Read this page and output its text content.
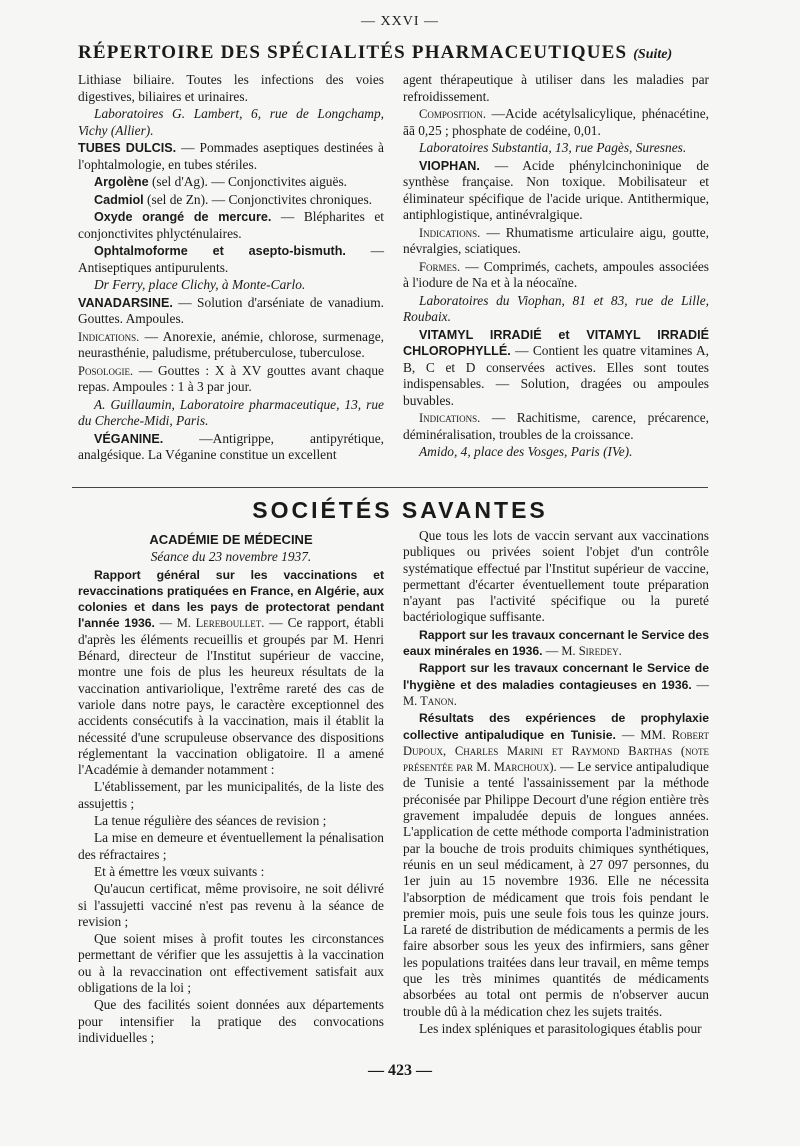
— XXVI —
RÉPERTOIRE DES SPÉCIALITÉS PHARMACEUTIQUES (Suite)

Lithiase biliaire. Toutes les infections des voies digestives, biliaires et urinaires.

Laboratoires G. Lambert, 6, rue de Longchamp, Vichy (Allier).

TUBES DULCIS. — Pommades aseptiques destinées à l'ophtalmologie, en tubes stériles.

Argolène (sel d'Ag). — Conjonctivites aiguës.

Cadmiol (sel de Zn). — Conjonctivites chroniques.

Oxyde orangé de mercure. — Blépharites et conjonctivites phlycténulaires.

Ophtalmoforme et asepto-bismuth. — Antiseptiques antipurulents.

Dr Ferry, place Clichy, à Monte-Carlo.

VANADARSINE. — Solution d'arséniate de vanadium. Gouttes. Ampoules.

Indications. — Anorexie, anémie, chlorose, surmenage, neurasthénie, paludisme, prétuberculose, tuberculose.

Posologie. — Gouttes : X à XV gouttes avant chaque repas. Ampoules : 1 à 3 par jour.

A. Guillaumin, Laboratoire pharmaceutique, 13, rue du Cherche-Midi, Paris.

VÉGANINE. —Antigrippe, antipyrétique, analgésique. La Véganine constitue un excellent

agent thérapeutique à utiliser dans les maladies par refroidissement.

Composition. —Acide acétylsalicylique, phénacétine, āā 0,25 ; phosphate de codéine, 0,01.

Laboratoires Substantia, 13, rue Pagès, Suresnes.

VIOPHAN. — Acide phénylcinchoninique de synthèse française. Non toxique. Mobilisateur et éliminateur spécifique de l'acide urique. Antithermique, antiphlogistique, antinévralgique.

Indications. — Rhumatisme articulaire aigu, goutte, névralgies, sciatiques.

Formes. — Comprimés, cachets, ampoules associées à l'iodure de Na et à la néocaïne.

Laboratoires du Viophan, 81 et 83, rue de Lille, Roubaix.

VITAMYL IRRADIÉ et VITAMYL IRRADIÉ CHLOROPHYLLÉ. — Contient les quatre vitamines A, B, C et D conservées actives. Elles sont toutes indispensables. — Solution, dragées ou ampoules buvables.

Indications. — Rachitisme, carence, précarence, déminéralisation, troubles de la croissance.

Amido, 4, place des Vosges, Paris (IVe).

SOCIÉTÉS SAVANTES

ACADÉMIE DE MÉDECINE

Séance du 23 novembre 1937.

Rapport général sur les vaccinations et revaccinations pratiquées en France, en Algérie, aux colonies et dans les pays de protectorat pendant l'année 1936. — M. Lereboullet. — Ce rapport, établi d'après les éléments recueillis et groupés par M. Henri Bénard, directeur de l'Institut supérieur de vaccine, montre une fois de plus les heureux résultats de la vaccination antivariolique, l'extrême rareté des cas de variole dans notre pays, le caractère exceptionnel des accidents consécutifs à la vaccination, mais il établit la nécessité d'une scrupuleuse observance des dispositions réglementant la vaccination obligatoire. Il a amené l'Académie à demander notamment :

L'établissement, par les municipalités, de la liste des assujettis ;

La tenue régulière des séances de revision ;

La mise en demeure et éventuellement la pénalisation des réfractaires ;

Et à émettre les vœux suivants :

Qu'aucun certificat, même provisoire, ne soit délivré si l'assujetti vacciné n'est pas revenu à la séance de revision ;

Que soient mises à profit toutes les circonstances permettant de vérifier que les assujettis à la vaccination ou à la revaccination ont effectivement satisfait aux obligations de la loi ;

Que des facilités soient données aux départements pour intensifier la pratique des convocations individuelles ;

Que tous les lots de vaccin servant aux vaccinations publiques ou privées soient l'objet d'un contrôle systématique effectué par l'Institut supérieur de vaccine, permettant d'écarter éventuellement toute préparation n'ayant pas l'activité spécifique ou la pureté bactériologique suffisante.

Rapport sur les travaux concernant le Service des eaux minérales en 1936. — M. Siredey.

Rapport sur les travaux concernant le Service de l'hygiène et des maladies contagieuses en 1936. — M. Tanon.

Résultats des expériences de prophylaxie collective antipaludique en Tunisie. — MM. Robert Dupoux, Charles Marini et Raymond Barthas (note présentée par M. Marchoux). — Le service antipaludique de Tunisie a tenté l'assainissement par la méthode préconisée par Philippe Decourt d'une région entière très gravement impaludée depuis de longues années. L'application de cette méthode comporta l'administration par la bouche de trois produits chimiques synthétiques, réunis en un seul médicament, à 27 097 personnes, du 1er juin au 15 novembre 1936. Elle ne nécessita l'absorption de médicament que trois fois pendant le premier mois, puis une seule fois tous les quinze jours. La rareté de distribution de médicaments a permis de les faire absorber sous les yeux des infirmiers, sans gêner les populations traitées dans leur travail, en même temps que les très minimes quantités de médicaments absorbées au total ont permis de n'observer aucun trouble dû à la médication chez les sujets traités.

Les index spléniques et parasitologiques établis pour

— 423 —
